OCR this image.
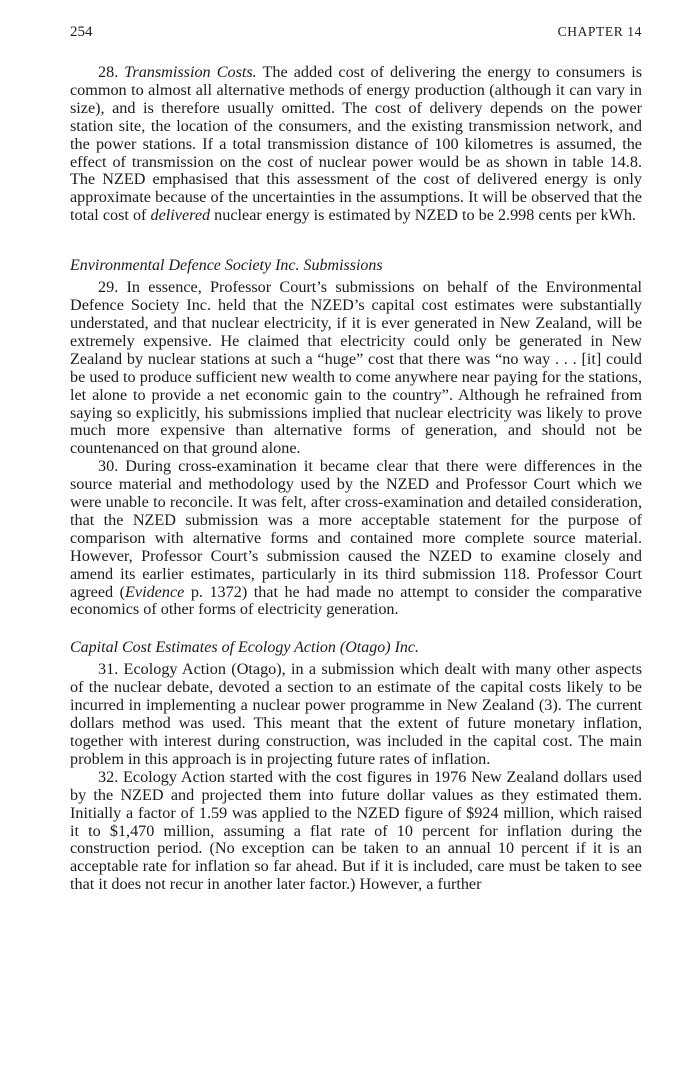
254	CHAPTER 14

28. Transmission Costs. The added cost of delivering the energy to consumers is common to almost all alternative methods of energy production (although it can vary in size), and is therefore usually omitted. The cost of delivery depends on the power station site, the location of the consumers, and the existing transmission network, and the power stations. If a total transmission distance of 100 kilometres is assumed, the effect of transmission on the cost of nuclear power would be as shown in table 14.8. The NZED emphasised that this assessment of the cost of delivered energy is only approximate because of the uncertainties in the assumptions. It will be observed that the total cost of delivered nuclear energy is estimated by NZED to be 2.998 cents per kWh.

Environmental Defence Society Inc. Submissions

29. In essence, Professor Court’s submissions on behalf of the Environmental Defence Society Inc. held that the NZED’s capital cost estimates were substantially understated, and that nuclear electricity, if it is ever generated in New Zealand, will be extremely expensive. He claimed that electricity could only be generated in New Zealand by nuclear stations at such a “huge” cost that there was “no way . . . [it] could be used to produce sufficient new wealth to come anywhere near paying for the stations, let alone to provide a net economic gain to the country”. Although he refrained from saying so explicitly, his submissions implied that nuclear electricity was likely to prove much more expensive than alternative forms of generation, and should not be countenanced on that ground alone.

30. During cross-examination it became clear that there were differences in the source material and methodology used by the NZED and Professor Court which we were unable to reconcile. It was felt, after cross-examination and detailed consideration, that the NZED submission was a more acceptable statement for the purpose of comparison with alternative forms and contained more complete source material. However, Professor Court’s submission caused the NZED to examine closely and amend its earlier estimates, particularly in its third submission 118. Professor Court agreed (Evidence p. 1372) that he had made no attempt to consider the comparative economics of other forms of electricity generation.

Capital Cost Estimates of Ecology Action (Otago) Inc.

31. Ecology Action (Otago), in a submission which dealt with many other aspects of the nuclear debate, devoted a section to an estimate of the capital costs likely to be incurred in implementing a nuclear power programme in New Zealand (3). The current dollars method was used. This meant that the extent of future monetary inflation, together with interest during construction, was included in the capital cost. The main problem in this approach is in projecting future rates of inflation.

32. Ecology Action started with the cost figures in 1976 New Zealand dollars used by the NZED and projected them into future dollar values as they estimated them. Initially a factor of 1.59 was applied to the NZED figure of $924 million, which raised it to $1,470 million, assuming a flat rate of 10 percent for inflation during the construction period. (No exception can be taken to an annual 10 percent if it is an acceptable rate for inflation so far ahead. But if it is included, care must be taken to see that it does not recur in another later factor.) However, a further
